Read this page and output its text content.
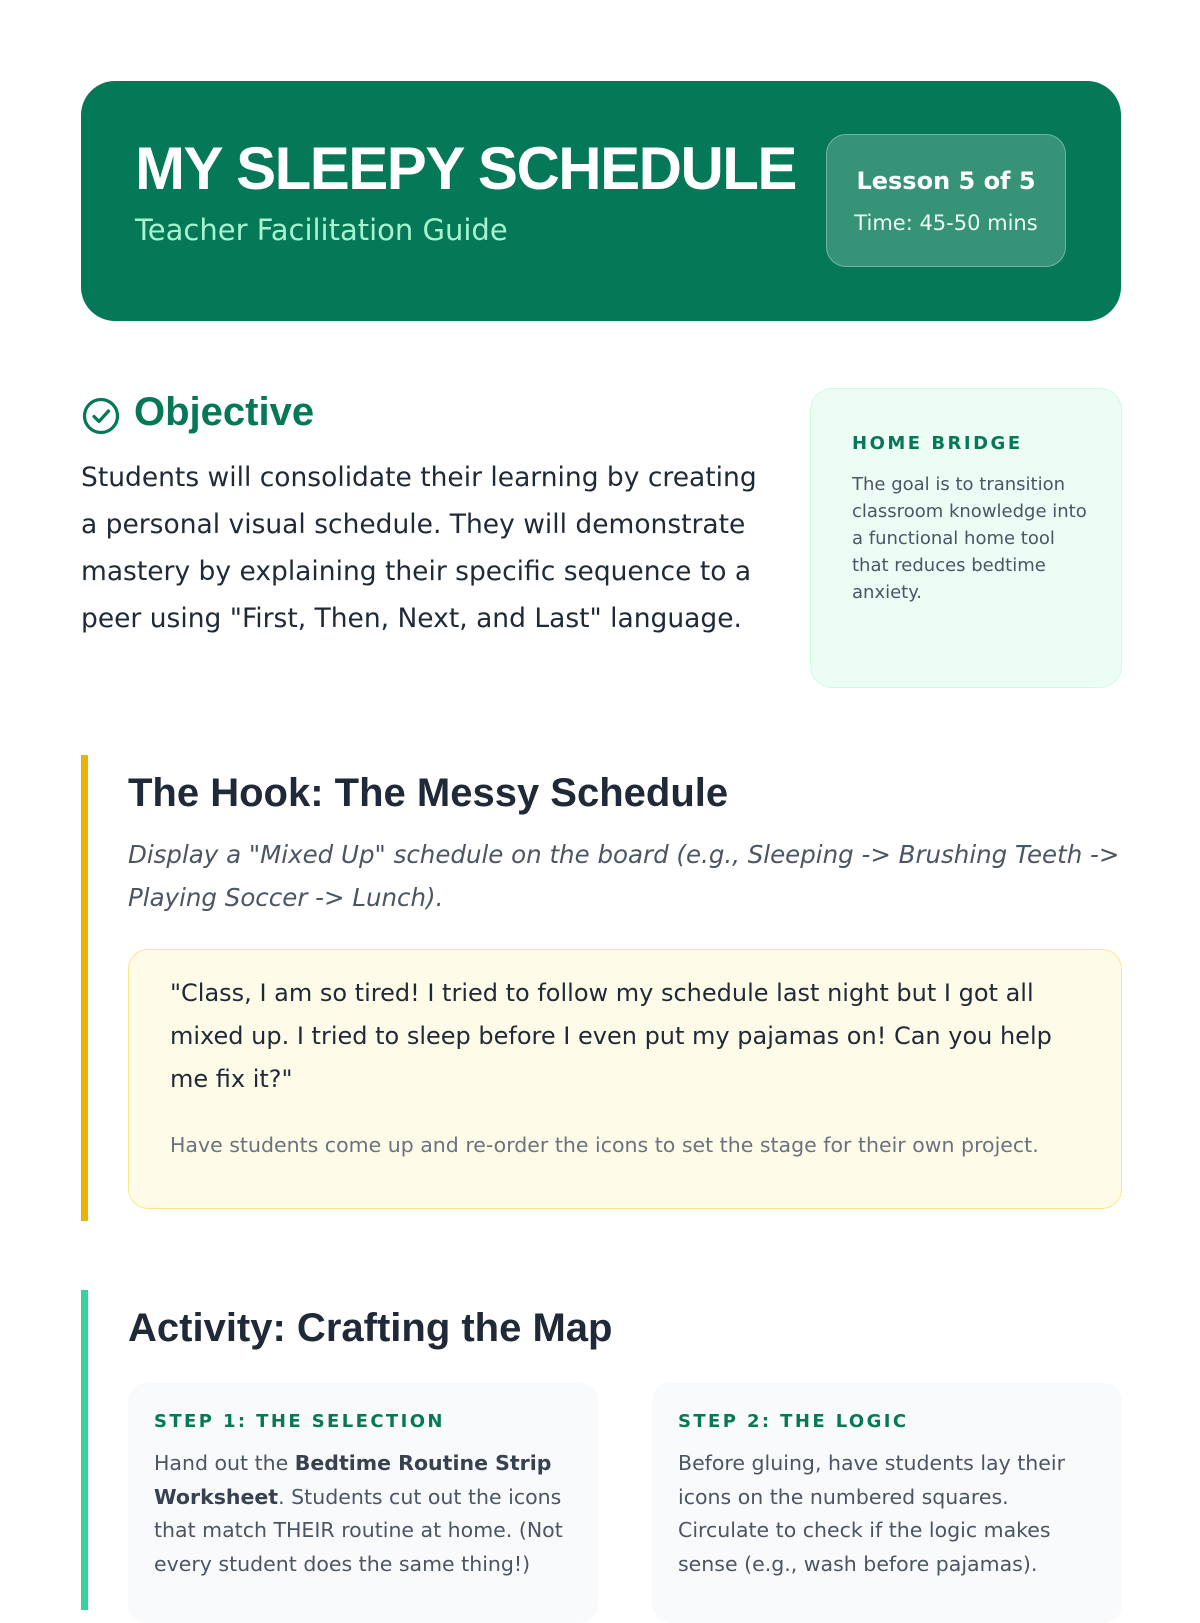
MY SLEEPY SCHEDULE
Teacher Facilitation Guide
Lesson 5 of 5
Time: 45-50 mins
Objective
Students will consolidate their learning by creating a personal visual schedule. They will demonstrate mastery by explaining their specific sequence to a peer using "First, Then, Next, and Last" language.
HOME BRIDGE
The goal is to transition classroom knowledge into a functional home tool that reduces bedtime anxiety.
The Hook: The Messy Schedule
Display a "Mixed Up" schedule on the board (e.g., Sleeping -> Brushing Teeth -> Playing Soccer -> Lunch).
"Class, I am so tired! I tried to follow my schedule last night but I got all mixed up. I tried to sleep before I even put my pajamas on! Can you help me fix it?"
Have students come up and re-order the icons to set the stage for their own project.
Activity: Crafting the Map
STEP 1: THE SELECTION
Hand out the Bedtime Routine Strip Worksheet. Students cut out the icons that match THEIR routine at home. (Not every student does the same thing!)
STEP 2: THE LOGIC
Before gluing, have students lay their icons on the numbered squares. Circulate to check if the logic makes sense (e.g., wash before pajamas).
